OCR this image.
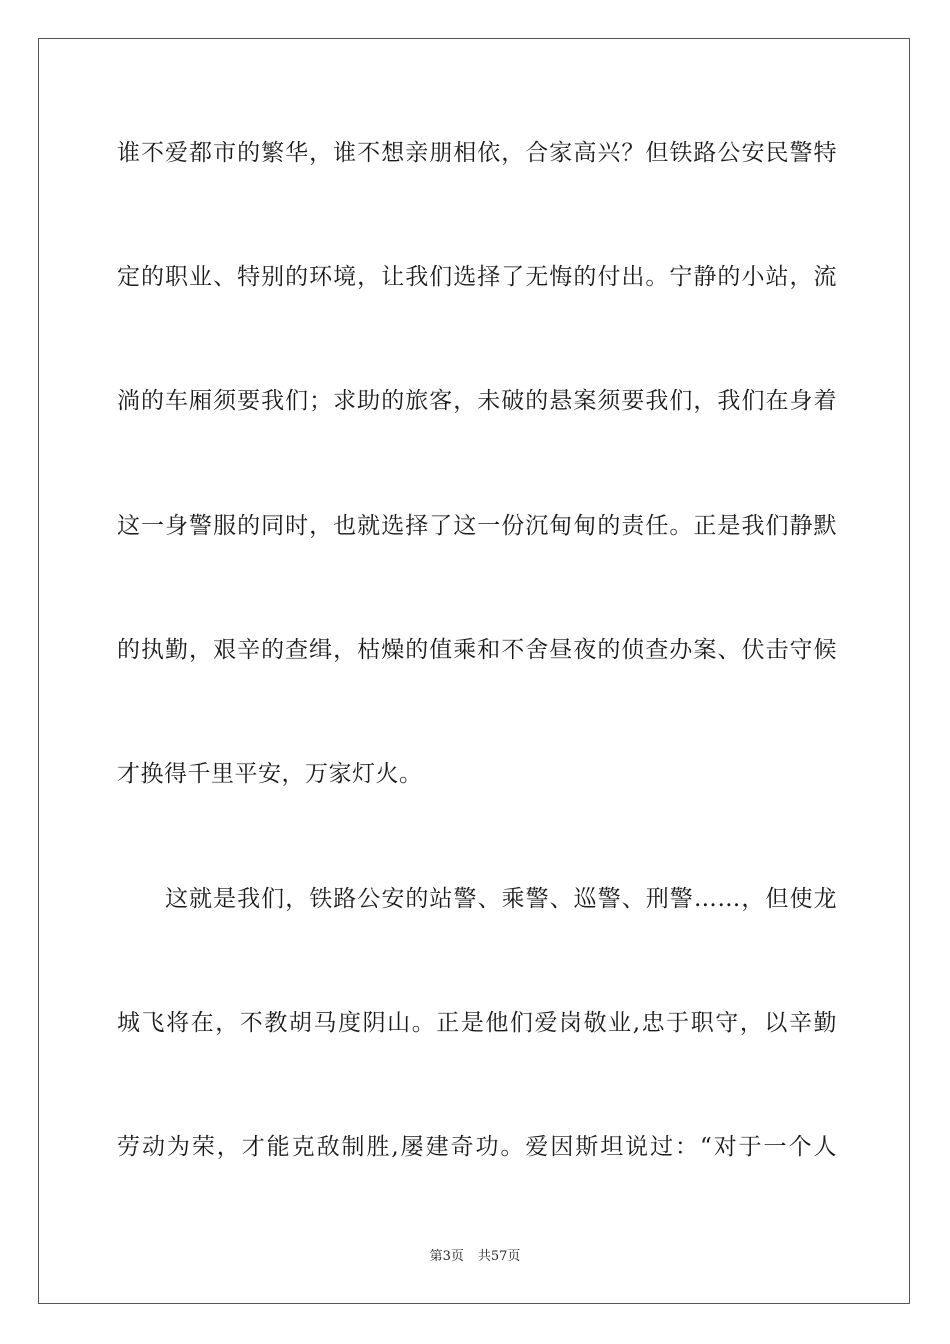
谁不爱都市的繁华，谁不想亲朋相依，合家高兴？但铁路公安民警特
定的职业、特别的环境，让我们选择了无悔的付出。宁静的小站，流
淌的车厢须要我们；求助的旅客，未破的悬案须要我们，我们在身着
这一身警服的同时，也就选择了这一份沉甸甸的责任。正是我们静默
的执勤，艰辛的查缉，枯燥的值乘和不舍昼夜的侦查办案、伏击守候
才换得千里平安，万家灯火。
这就是我们，铁路公安的站警、乘警、巡警、刑警……，但使龙
城飞将在，不教胡马度阴山。正是他们爱岗敬业,忠于职守，以辛勤
劳动为荣，才能克敌制胜,屡建奇功。爱因斯坦说过：“对于一个人
第3页 共57页
